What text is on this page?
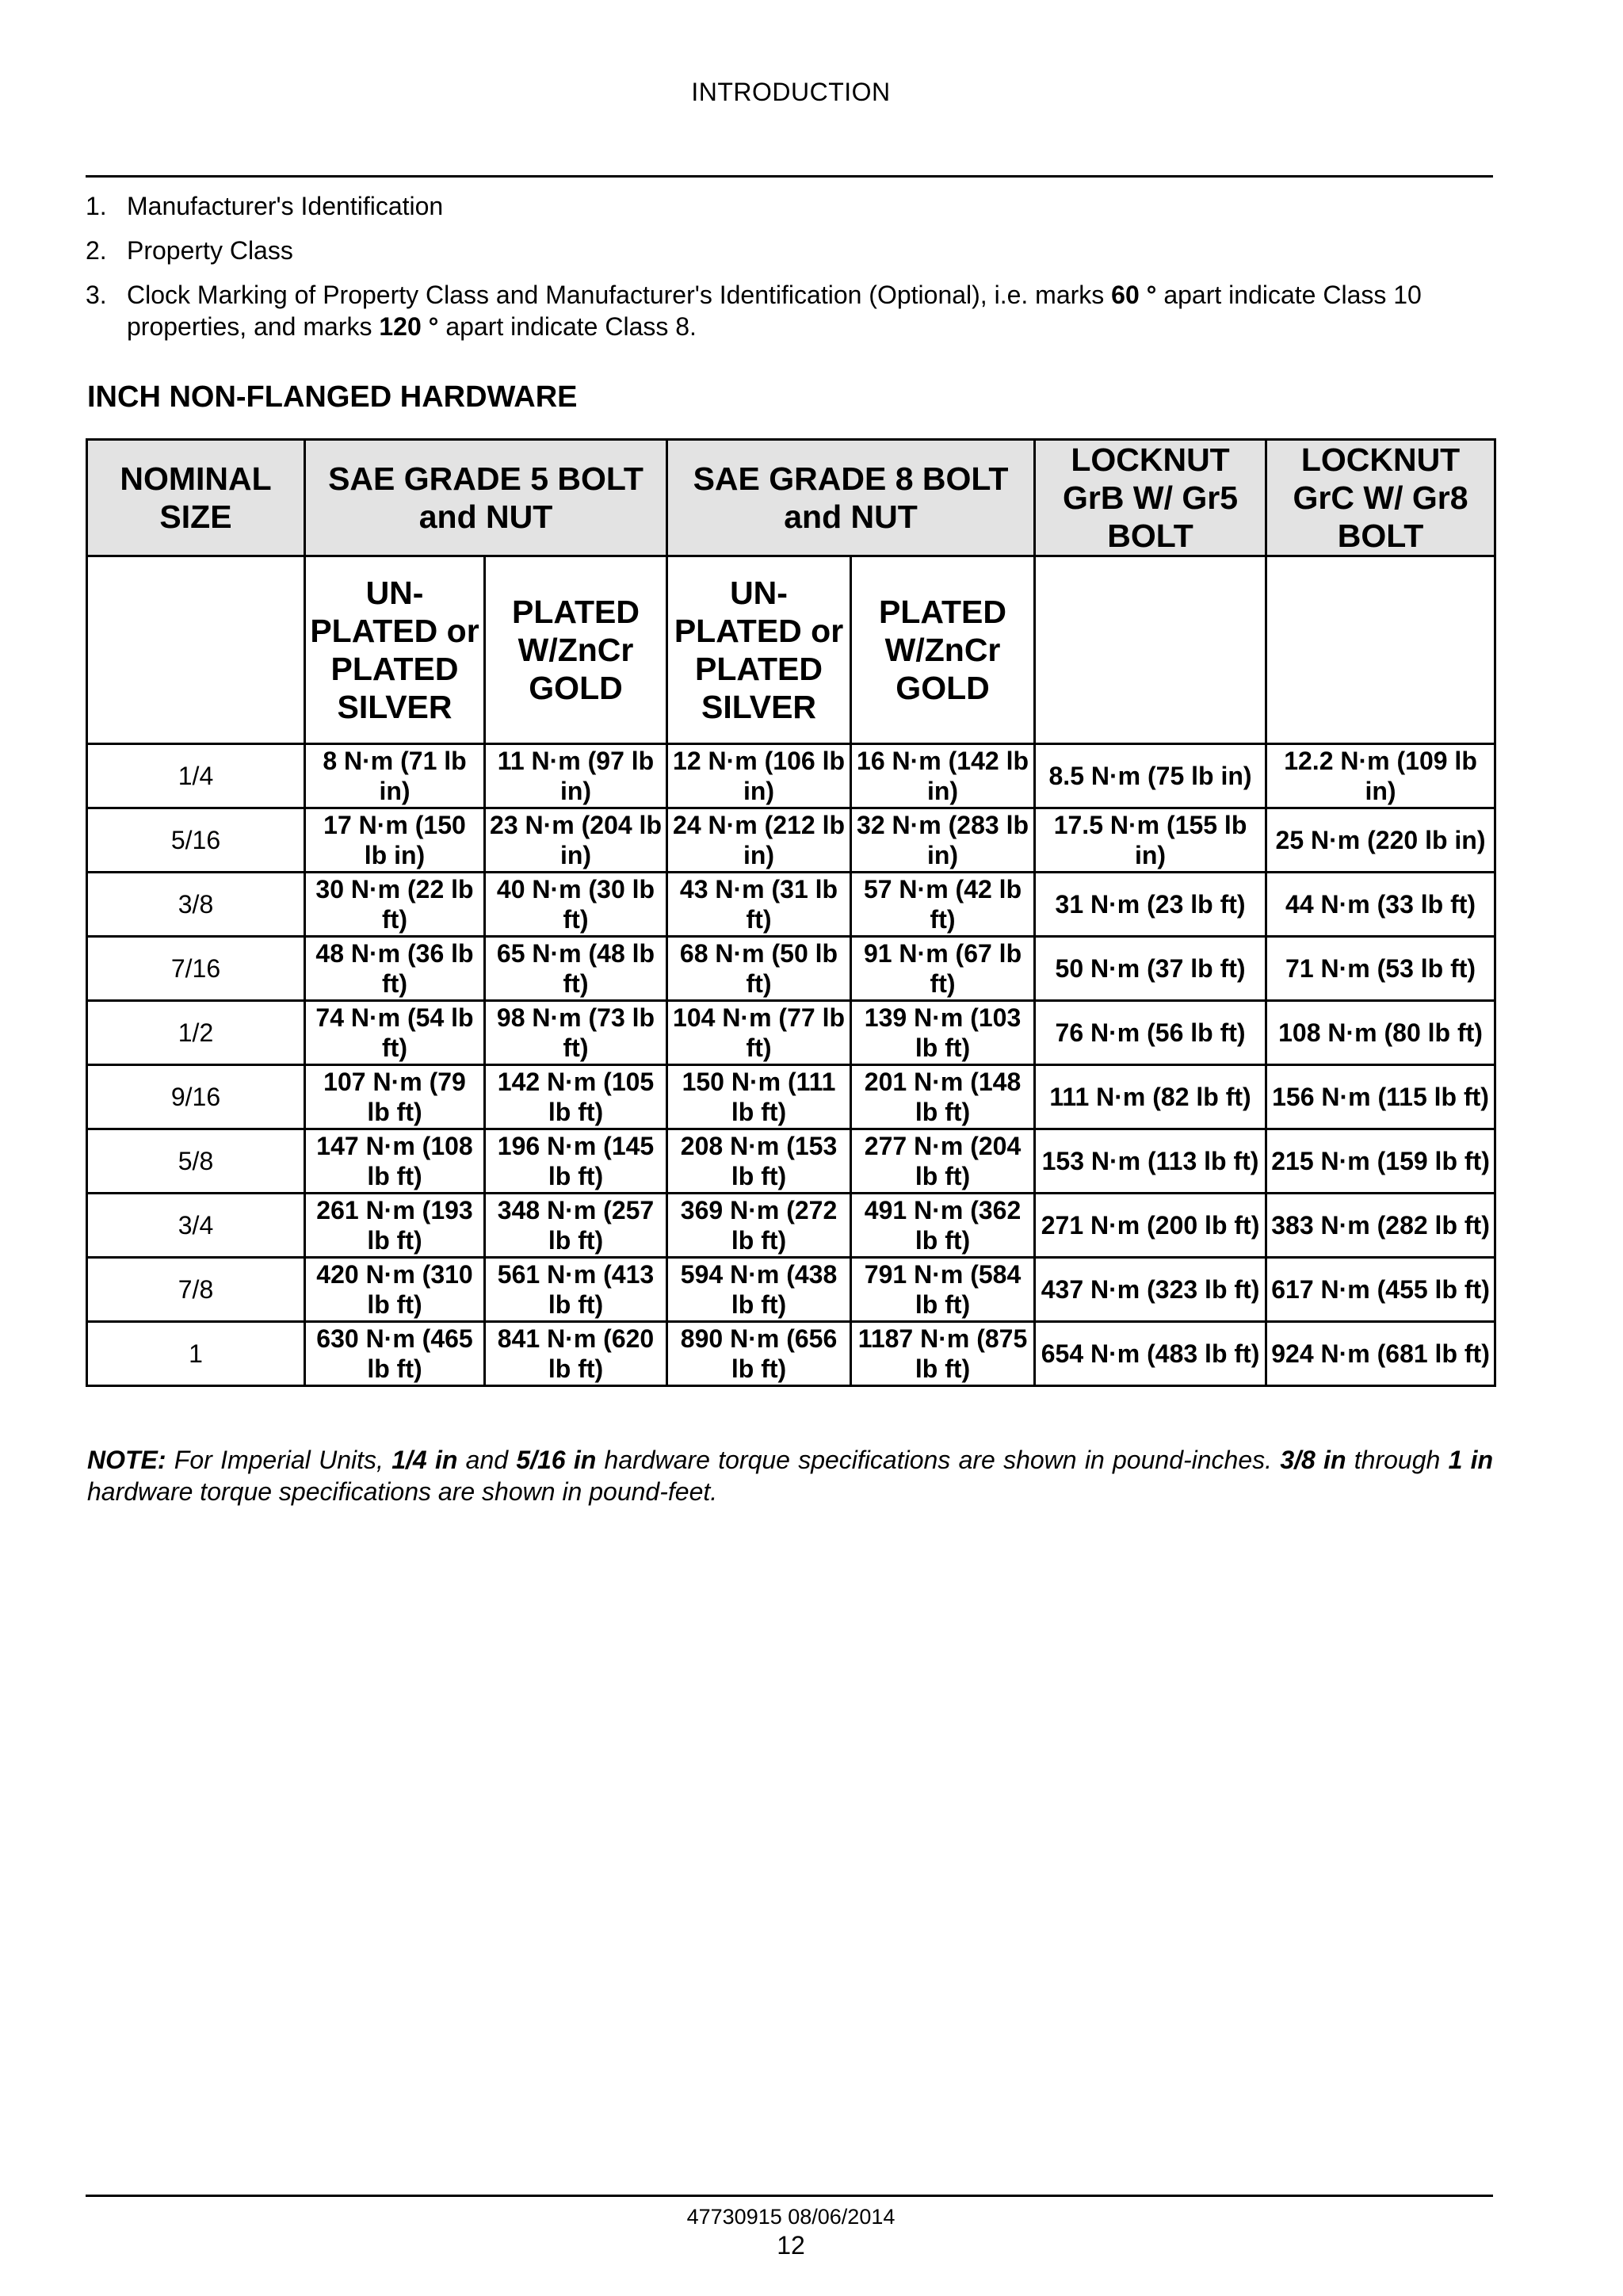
INTRODUCTION
1. Manufacturer's Identification
2. Property Class
3. Clock Marking of Property Class and Manufacturer's Identification (Optional), i.e. marks 60 ° apart indicate Class 10 properties, and marks 120 ° apart indicate Class 8.
INCH NON-FLANGED HARDWARE
NOMINAL SIZE	SAE GRADE 5 BOLT and NUT		SAE GRADE 8 BOLT and NUT		LOCKNUT GrB W/ Gr5 BOLT	LOCKNUT GrC W/ Gr8 BOLT
	UN-PLATED or PLATED SILVER	PLATED W/ZnCr GOLD	UN-PLATED or PLATED SILVER	PLATED W/ZnCr GOLD		
1/4	8 N·m (71 lb in)	11 N·m (97 lb in)	12 N·m (106 lb in)	16 N·m (142 lb in)	8.5 N·m (75 lb in)	12.2 N·m (109 lb in)
5/16	17 N·m (150 lb in)	23 N·m (204 lb in)	24 N·m (212 lb in)	32 N·m (283 lb in)	17.5 N·m (155 lb in)	25 N·m (220 lb in)
3/8	30 N·m (22 lb ft)	40 N·m (30 lb ft)	43 N·m (31 lb ft)	57 N·m (42 lb ft)	31 N·m (23 lb ft)	44 N·m (33 lb ft)
7/16	48 N·m (36 lb ft)	65 N·m (48 lb ft)	68 N·m (50 lb ft)	91 N·m (67 lb ft)	50 N·m (37 lb ft)	71 N·m (53 lb ft)
1/2	74 N·m (54 lb ft)	98 N·m (73 lb ft)	104 N·m (77 lb ft)	139 N·m (103 lb ft)	76 N·m (56 lb ft)	108 N·m (80 lb ft)
9/16	107 N·m (79 lb ft)	142 N·m (105 lb ft)	150 N·m (111 lb ft)	201 N·m (148 lb ft)	111 N·m (82 lb ft)	156 N·m (115 lb ft)
5/8	147 N·m (108 lb ft)	196 N·m (145 lb ft)	208 N·m (153 lb ft)	277 N·m (204 lb ft)	153 N·m (113 lb ft)	215 N·m (159 lb ft)
3/4	261 N·m (193 lb ft)	348 N·m (257 lb ft)	369 N·m (272 lb ft)	491 N·m (362 lb ft)	271 N·m (200 lb ft)	383 N·m (282 lb ft)
7/8	420 N·m (310 lb ft)	561 N·m (413 lb ft)	594 N·m (438 lb ft)	791 N·m (584 lb ft)	437 N·m (323 lb ft)	617 N·m (455 lb ft)
1	630 N·m (465 lb ft)	841 N·m (620 lb ft)	890 N·m (656 lb ft)	1187 N·m (875 lb ft)	654 N·m (483 lb ft)	924 N·m (681 lb ft)

NOTE: For Imperial Units, 1/4 in and 5/16 in hardware torque specifications are shown in pound-inches. 3/8 in through 1 in hardware torque specifications are shown in pound-feet.

47730915 08/06/2014
12
